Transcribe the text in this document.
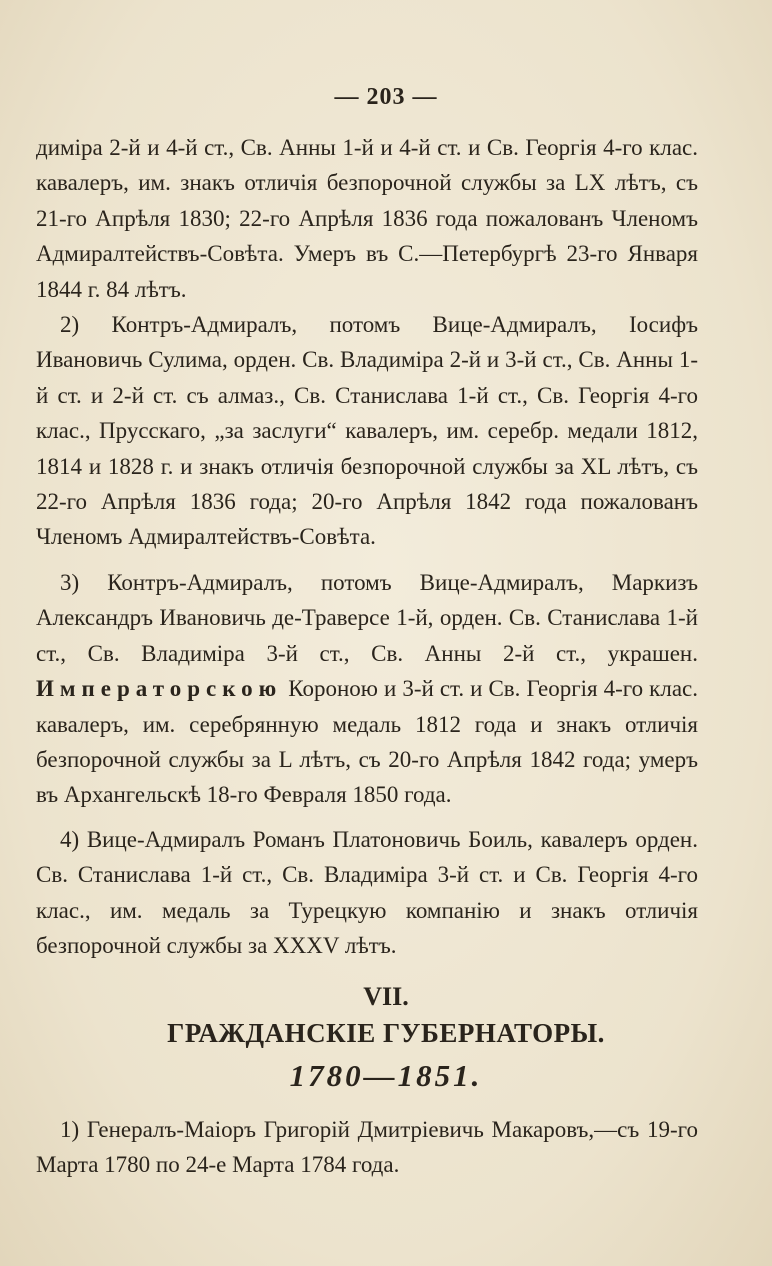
— 203 —
диміра 2-й и 4-й ст., Св. Анны 1-й и 4-й ст. и Св. Георгія 4-го клас. кавалеръ, им. знакъ отличія безпорочной службы за LX лѣтъ, съ 21-го Апрѣля 1830; 22-го Апрѣля 1836 года пожалованъ Членомъ Адмиралтействъ-Совѣта. Умеръ въ С.—Петербургѣ 23-го Января 1844 г. 84 лѣтъ.
2) Контръ-Адмиралъ, потомъ Вице-Адмиралъ, Іосифъ Ивановичь Сулима, орден. Св. Владиміра 2-й и 3-й ст., Св. Анны 1-й ст. и 2-й ст. съ алмаз., Св. Станислава 1-й ст., Св. Георгія 4-го клас., Прусскаго, „за заслуги“ кавалеръ, им. серебр. медали 1812, 1814 и 1828 г. и знакъ отличія безпорочной службы за XL лѣтъ, съ 22-го Апрѣля 1836 года; 20-го Апрѣля 1842 года пожалованъ Членомъ Адмиралтействъ-Совѣта.
3) Контръ-Адмиралъ, потомъ Вице-Адмиралъ, Маркизъ Александръ Ивановичь де-Траверсе 1-й, орден. Св. Станислава 1-й ст., Св. Владиміра 3-й ст., Св. Анны 2-й ст., украшен. Императорскою Короною и 3-й ст. и Св. Георгія 4-го клас. кавалеръ, им. серебрянную медаль 1812 года и знакъ отличія безпорочной службы за L лѣтъ, съ 20-го Апрѣля 1842 года; умеръ въ Архангельскѣ 18-го Февраля 1850 года.
4) Вице-Адмиралъ Романъ Платоновичь Боиль, кавалеръ орден. Св. Станислава 1-й ст., Св. Владиміра 3-й ст. и Св. Георгія 4-го клас., им. медаль за Турецкую компанію и знакъ отличія безпорочной службы за XXXV лѣтъ.
VII.
ГРАЖДАНСКІЕ ГУБЕРНАТОРЫ.
1780—1851.
1) Генералъ-Маіоръ Григорій Дмитріевичь Макаровъ,—съ 19-го Марта 1780 по 24-е Марта 1784 года.
